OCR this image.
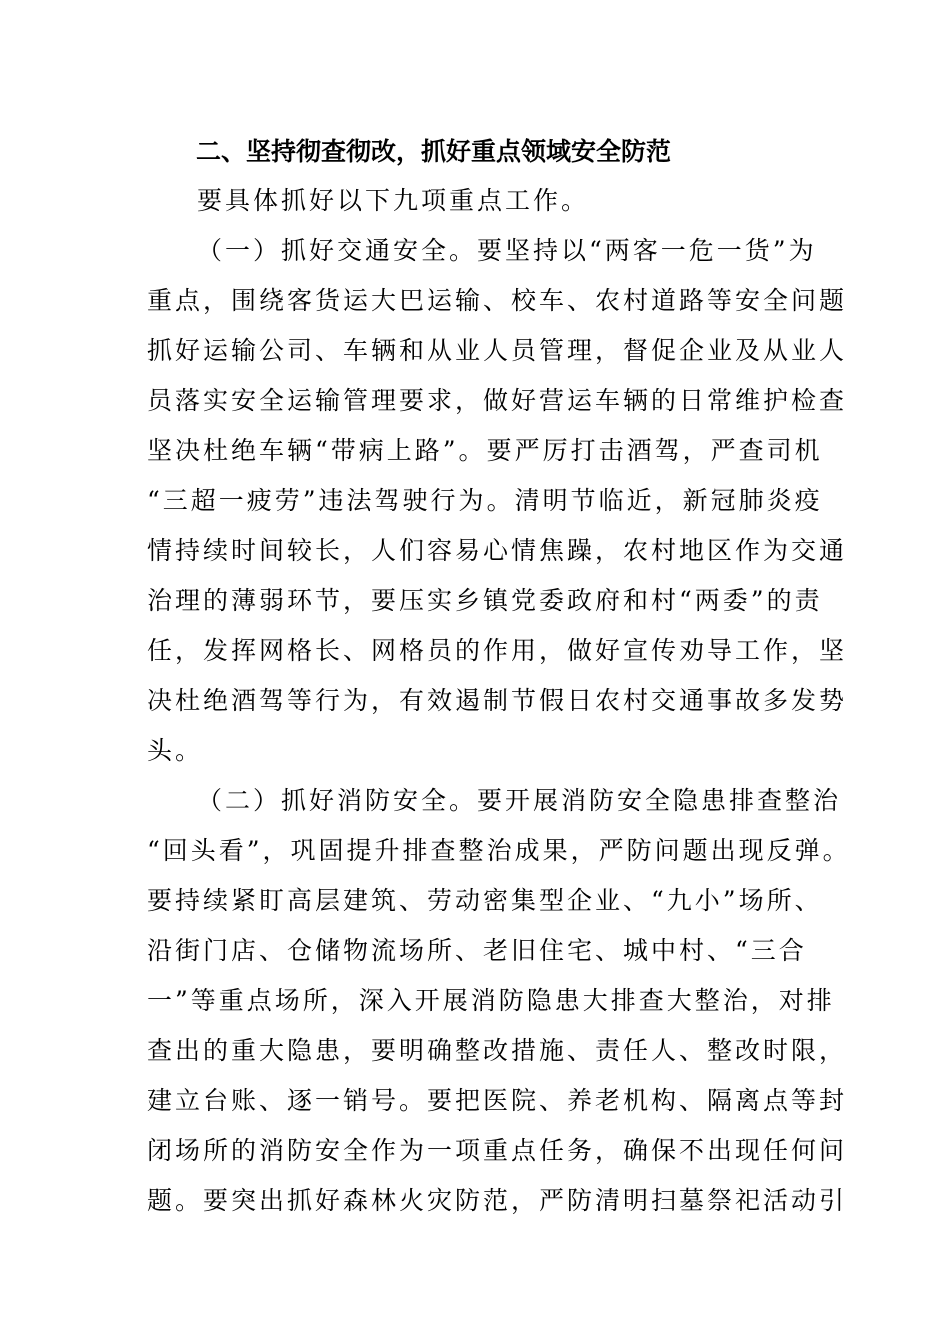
二、坚持彻查彻改，抓好重点领域安全防范
要具体抓好以下九项重点工作。
（一）抓好交通安全。要坚持以“两客一危一货”为
重点，围绕客货运大巴运输、校车、农村道路等安全问题
抓好运输公司、车辆和从业人员管理，督促企业及从业人
员落实安全运输管理要求，做好营运车辆的日常维护检查
坚决杜绝车辆“带病上路”。要严厉打击酒驾，严查司机
“三超一疲劳”违法驾驶行为。清明节临近，新冠肺炎疫
情持续时间较长，人们容易心情焦躁，农村地区作为交通
治理的薄弱环节，要压实乡镇党委政府和村“两委”的责
任，发挥网格长、网格员的作用，做好宣传劝导工作，坚
决杜绝酒驾等行为，有效遏制节假日农村交通事故多发势
头。
（二）抓好消防安全。要开展消防安全隐患排查整治
“回头看”，巩固提升排查整治成果，严防问题出现反弹。
要持续紧盯高层建筑、劳动密集型企业、“九小”场所、
沿街门店、仓储物流场所、老旧住宅、城中村、“三合
一”等重点场所，深入开展消防隐患大排查大整治，对排
查出的重大隐患，要明确整改措施、责任人、整改时限，
建立台账、逐一销号。要把医院、养老机构、隔离点等封
闭场所的消防安全作为一项重点任务，确保不出现任何问
题。要突出抓好森林火灾防范，严防清明扫墓祭祀活动引
